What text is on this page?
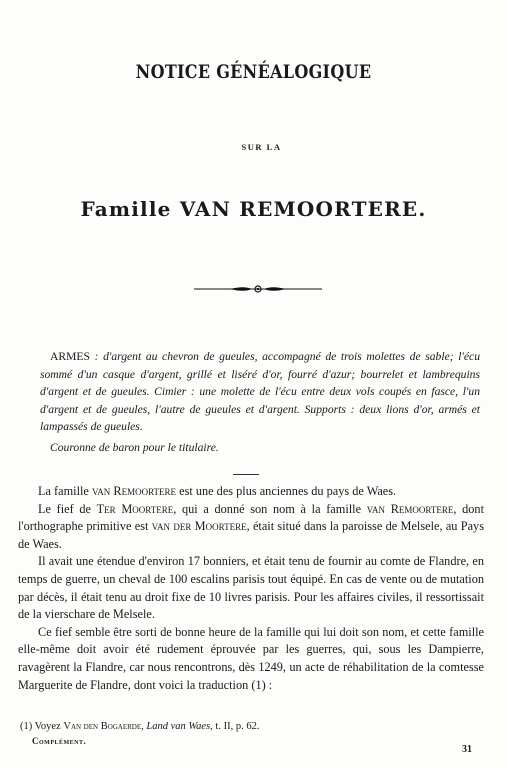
NOTICE GÉNÉALOGIQUE
SUR LA
Famille VAN REMOORTERE.

ARMES : d'argent au chevron de gueules, accompagné de trois molettes de sable; l'écu sommé d'un casque d'argent, grillé et liséré d'or, fourré d'azur; bourrelet et lambrequins d'argent et de gueules. Cimier : une molette de l'écu entre deux vols coupés en fasce, l'un d'argent et de gueules, l'autre de gueules et d'argent. Supports : deux lions d'or, armés et lampassés de gueules.

Couronne de baron pour le titulaire.

La famille van Remoortere est une des plus anciennes du pays de Waes.

Le fief de Ter Moortere, qui a donné son nom à la famille van Remoortere, dont l'orthographe primitive est van der Moortere, était situé dans la paroisse de Melsele, au Pays de Waes.

Il avait une étendue d'environ 17 bonniers, et était tenu de fournir au comte de Flandre, en temps de guerre, un cheval de 100 escalins parisis tout équipé. En cas de vente ou de mutation par décès, il était tenu au droit fixe de 10 livres parisis. Pour les affaires civiles, il ressortissait de la vierschare de Melsele.

Ce fief semble être sorti de bonne heure de la famille qui lui doit son nom, et cette famille elle-même doit avoir été rudement éprouvée par les guerres, qui, sous les Dampierre, ravagèrent la Flandre, car nous rencontrons, dès 1249, un acte de réhabilitation de la comtesse Marguerite de Flandre, dont voici la traduction (1) :

(1) Voyez Van den Bogaerde, Land van Waes, t. II, p. 62.
Complément.
31
